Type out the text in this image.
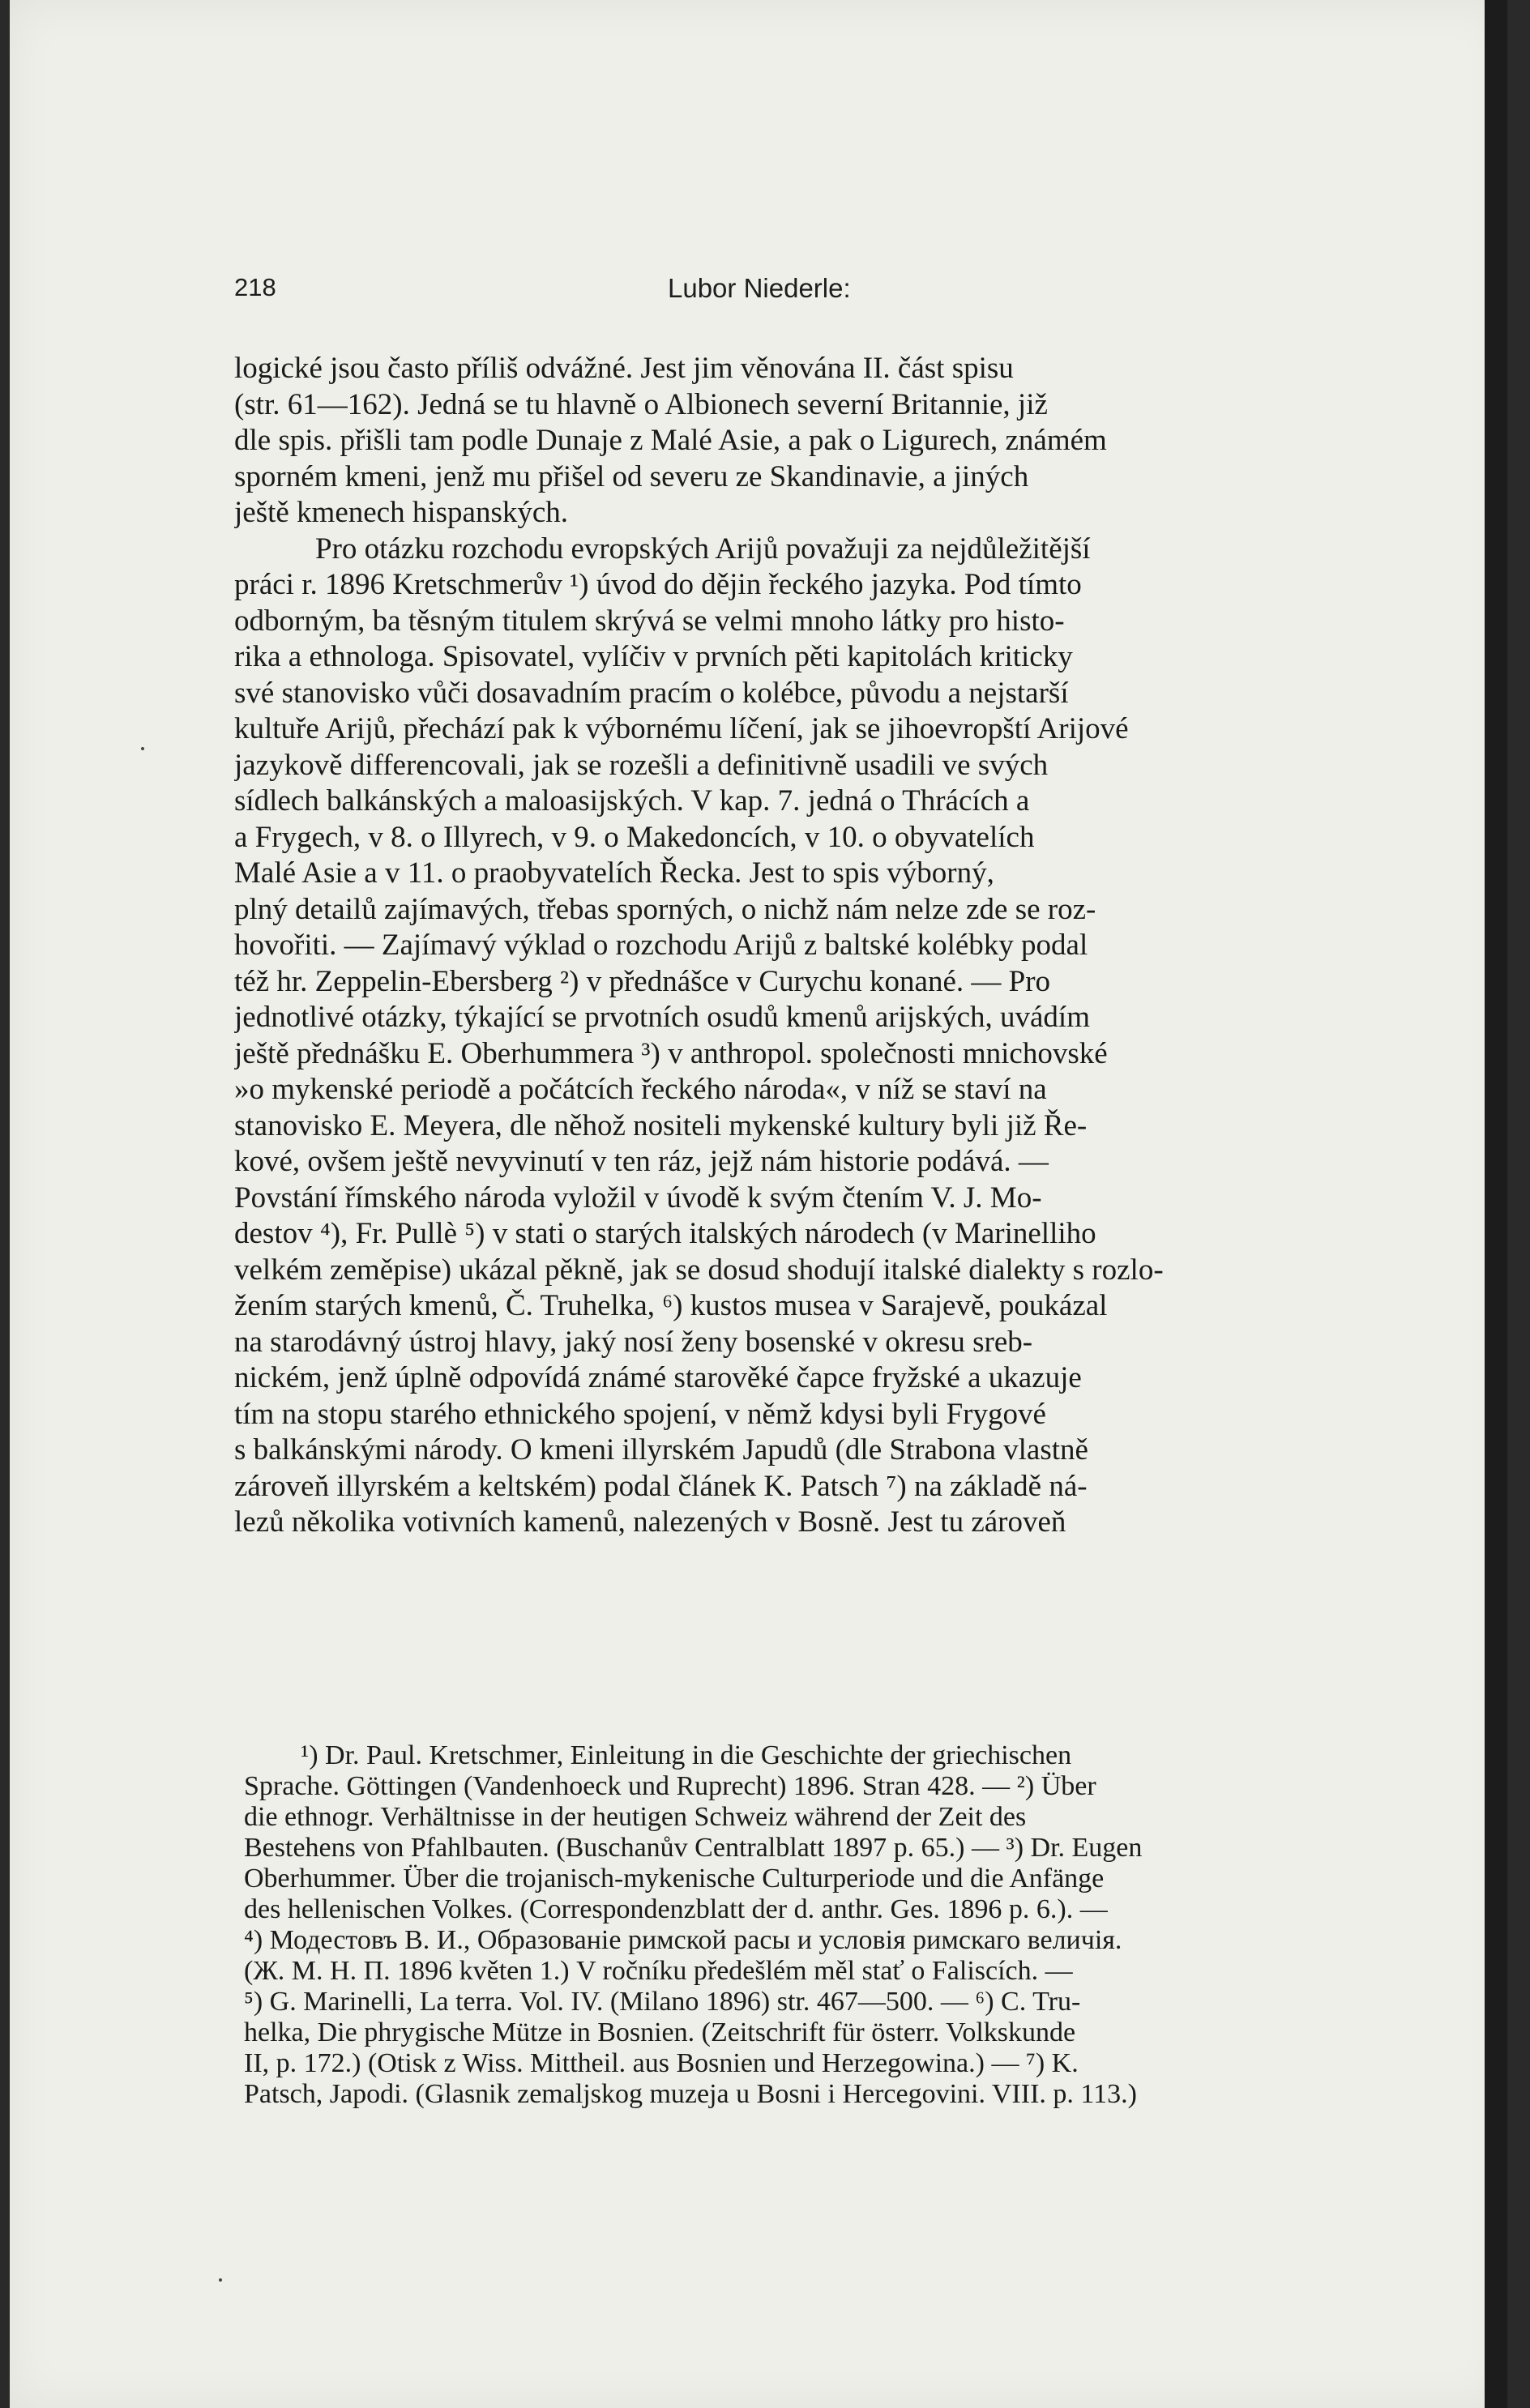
218	Lubor Niederle:
logické jsou často příliš odvážné. Jest jim věnována II. část spisu
(str. 61—162). Jedná se tu hlavně o Albionech severní Britannie, již
dle spis. přišli tam podle Dunaje z Malé Asie, a pak o Ligurech, známém
sporném kmeni, jenž mu přišel od severu ze Skandinavie, a jiných
ještě kmenech hispanských.
Pro otázku rozchodu evropských Arijů považuji za nejdůležitější
práci r. 1896 Kretschmerův ¹) úvod do dějin řeckého jazyka. Pod tímto
odborným, ba těsným titulem skrývá se velmi mnoho látky pro histo-
rika a ethnologa. Spisovatel, vylíčiv v prvních pěti kapitolách kriticky
své stanovisko vůči dosavadním pracím o kolébce, původu a nejstarší
kultuře Arijů, přechází pak k výbornému líčení, jak se jihoevropští Arijové
jazykově differencovali, jak se rozešli a definitivně usadili ve svých
sídlech balkánských a maloasijských. V kap. 7. jedná o Thrácích a
a Frygech, v 8. o Illyrech, v 9. o Makedoncích, v 10. o obyvatelích
Malé Asie a v 11. o praobyvatelích Řecka. Jest to spis výborný,
plný detailů zajímavých, třebas sporných, o nichž nám nelze zde se roz-
hovořiti. — Zajímavý výklad o rozchodu Arijů z baltské kolébky podal
též hr. Zeppelin-Ebersberg ²) v přednášce v Curychu konané. — Pro
jednotlivé otázky, týkající se prvotních osudů kmenů arijských, uvádím
ještě přednášku E. Oberhummera ³) v anthropol. společnosti mnichovské
»o mykenské periodě a počátcích řeckého národa«, v níž se staví na
stanovisko E. Meyera, dle něhož nositeli mykenské kultury byli již Ře-
kové, ovšem ještě nevyvinutí v ten ráz, jejž nám historie podává. —
Povstání římského národa vyložil v úvodě k svým čtením V. J. Mo-
destov ⁴), Fr. Pullè ⁵) v stati o starých italských národech (v Marinelliho
velkém zeměpise) ukázal pěkně, jak se dosud shodují italské dialekty s rozlo-
žením starých kmenů, Č. Truhelka, ⁶) kustos musea v Sarajevě, poukázal
na starodávný ústroj hlavy, jaký nosí ženy bosenské v okresu sreb-
nickém, jenž úplně odpovídá známé starověké čapce fryžské a ukazuje
tím na stopu starého ethnického spojení, v němž kdysi byli Frygové
s balkánskými národy. O kmeni illyrském Japudů (dle Strabona vlastně
zároveň illyrském a keltském) podal článek K. Patsch ⁷) na základě ná-
lezů několika votivních kamenů, nalezených v Bosně. Jest tu zároveň
¹) Dr. Paul. Kretschmer, Einleitung in die Geschichte der griechischen
Sprache. Göttingen (Vandenhoeck und Ruprecht) 1896. Stran 428. — ²) Über
die ethnogr. Verhältnisse in der heutigen Schweiz während der Zeit des
Bestehens von Pfahlbauten. (Buschanův Centralblatt 1897 p. 65.) — ³) Dr. Eugen
Oberhummer. Über die trojanisch-mykenische Culturperiode und die Anfänge
des hellenischen Volkes. (Correspondenzblatt der d. anthr. Ges. 1896 p. 6.). —
⁴) Модестовъ В. И., Образованіе римской расы и условія римскаго величія.
(Ж. М. Н. П. 1896 květen 1.) V ročníku předešlém měl stať o Faliscích. —
⁵) G. Marinelli, La terra. Vol. IV. (Milano 1896) str. 467—500. — ⁶) C. Tru-
helka, Die phrygische Mütze in Bosnien. (Zeitschrift für österr. Volkskunde
II, p. 172.) (Otisk z Wiss. Mittheil. aus Bosnien und Herzegowina.) — ⁷) K.
Patsch, Japodi. (Glasnik zemaljskog muzeja u Bosni i Hercegovini. VIII. p. 113.)
